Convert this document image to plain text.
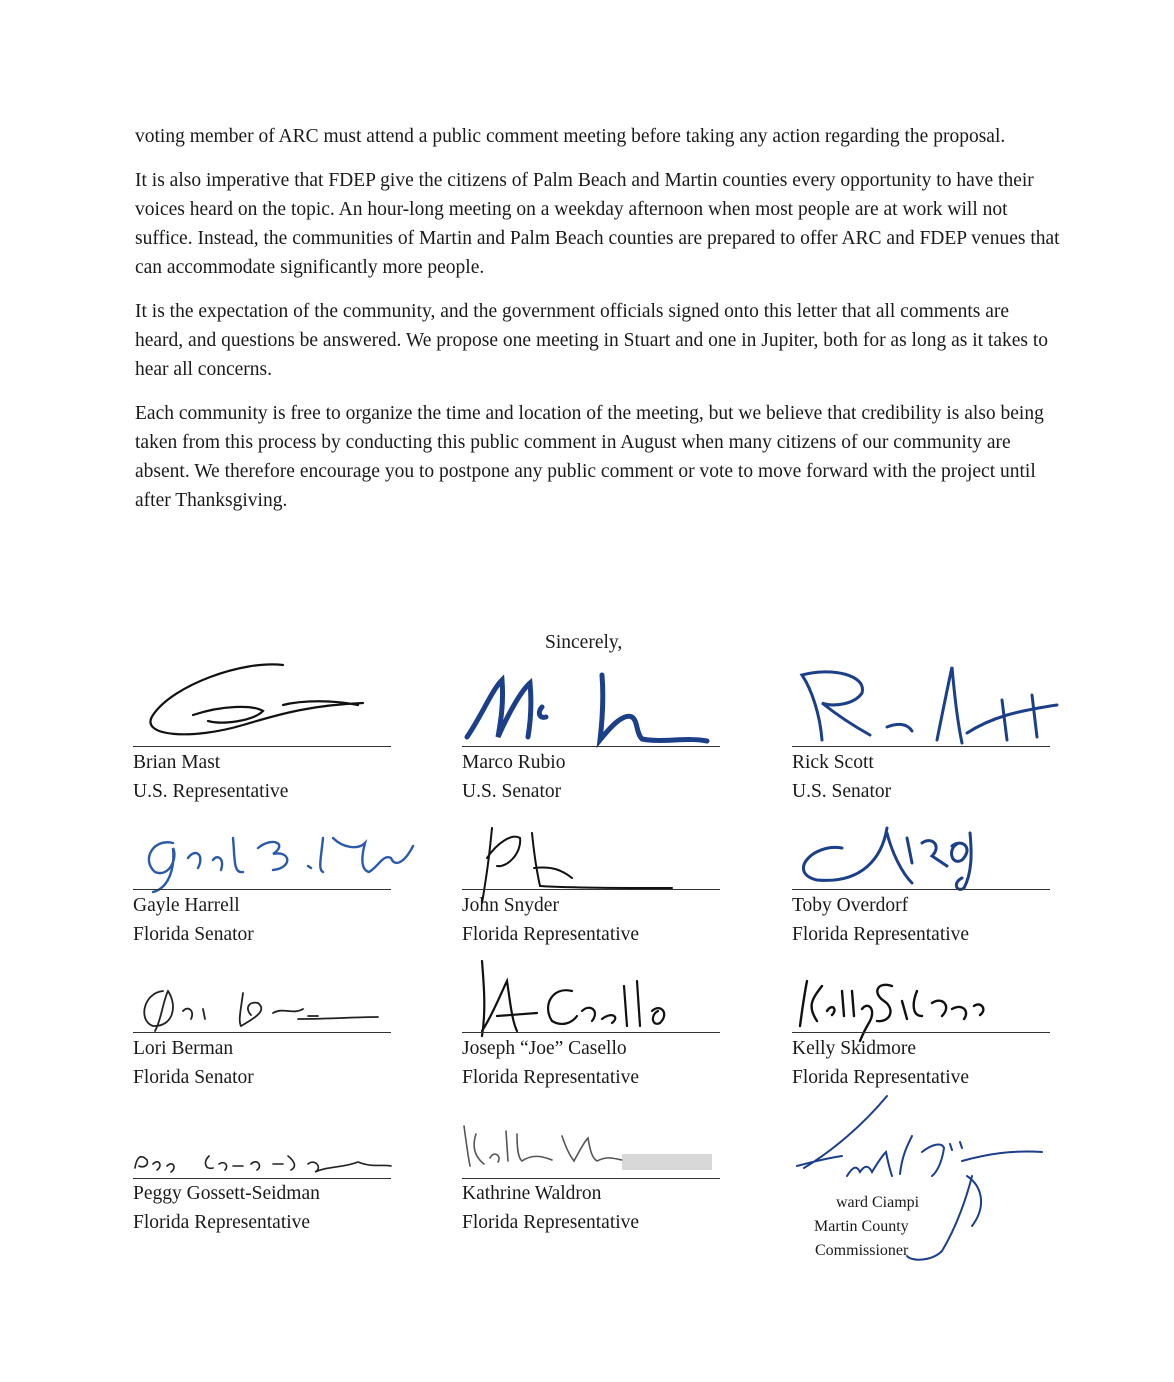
voting member of ARC must attend a public comment meeting before taking any action regarding the proposal.

It is also imperative that FDEP give the citizens of Palm Beach and Martin counties every opportunity to have their voices heard on the topic. An hour-long meeting on a weekday afternoon when most people are at work will not suffice. Instead, the communities of Martin and Palm Beach counties are prepared to offer ARC and FDEP venues that can accommodate significantly more people.

It is the expectation of the community, and the government officials signed onto this letter that all comments are heard, and questions be answered. We propose one meeting in Stuart and one in Jupiter, both for as long as it takes to hear all concerns.

Each community is free to organize the time and location of the meeting, but we believe that credibility is also being taken from this process by conducting this public comment in August when many citizens of our community are absent. We therefore encourage you to postpone any public comment or vote to move forward with the project until after Thanksgiving.

Sincerely,
Brian Mast
U.S. Representative
Marco Rubio
U.S. Senator
Rick Scott
U.S. Senator
Gayle Harrell
Florida Senator
John Snyder
Florida Representative
Toby Overdorf
Florida Representative
Lori Berman
Florida Senator
Joseph “Joe” Casello
Florida Representative
Kelly Skidmore
Florida Representative
Peggy Gossett-Seidman
Florida Representative
Kathrine Waldron
Florida Representative
ward Ciampi
Martin County
Commissioner
